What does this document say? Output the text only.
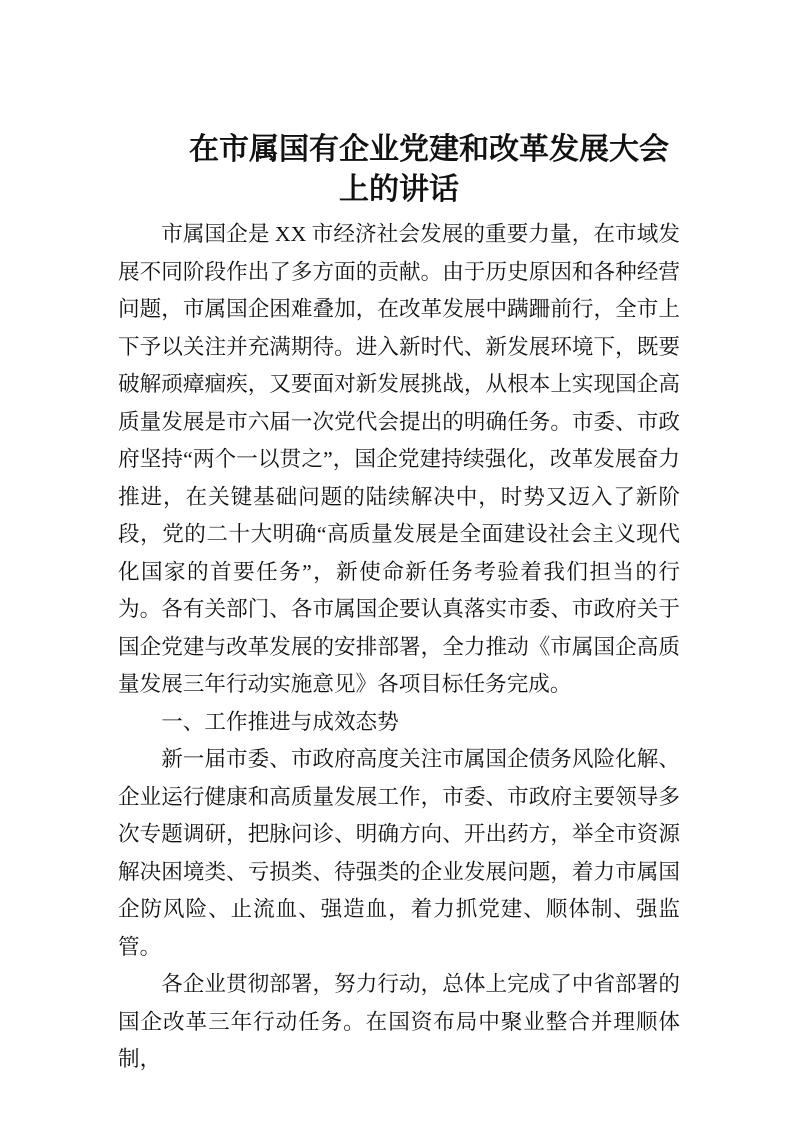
在市属国有企业党建和改革发展大会
上的讲话

市属国企是 XX 市经济社会发展的重要力量，在市域发展不同阶段作出了多方面的贡献。由于历史原因和各种经营问题，市属国企困难叠加，在改革发展中蹒跚前行，全市上下予以关注并充满期待。进入新时代、新发展环境下，既要破解顽瘴痼疾，又要面对新发展挑战，从根本上实现国企高质量发展是市六届一次党代会提出的明确任务。市委、市政府坚持“两个一以贯之”，国企党建持续强化，改革发展奋力推进，在关键基础问题的陆续解决中，时势又迈入了新阶段，党的二十大明确“高质量发展是全面建设社会主义现代化国家的首要任务”，新使命新任务考验着我们担当的行为。各有关部门、各市属国企要认真落实市委、市政府关于国企党建与改革发展的安排部署，全力推动《市属国企高质量发展三年行动实施意见》各项目标任务完成。

一、工作推进与成效态势

新一届市委、市政府高度关注市属国企债务风险化解、企业运行健康和高质量发展工作，市委、市政府主要领导多次专题调研，把脉问诊、明确方向、开出药方，举全市资源解决困境类、亏损类、待强类的企业发展问题，着力市属国企防风险、止流血、强造血，着力抓党建、顺体制、强监管。

各企业贯彻部署，努力行动，总体上完成了中省部署的国企改革三年行动任务。在国资布局中聚业整合并理顺体制，
